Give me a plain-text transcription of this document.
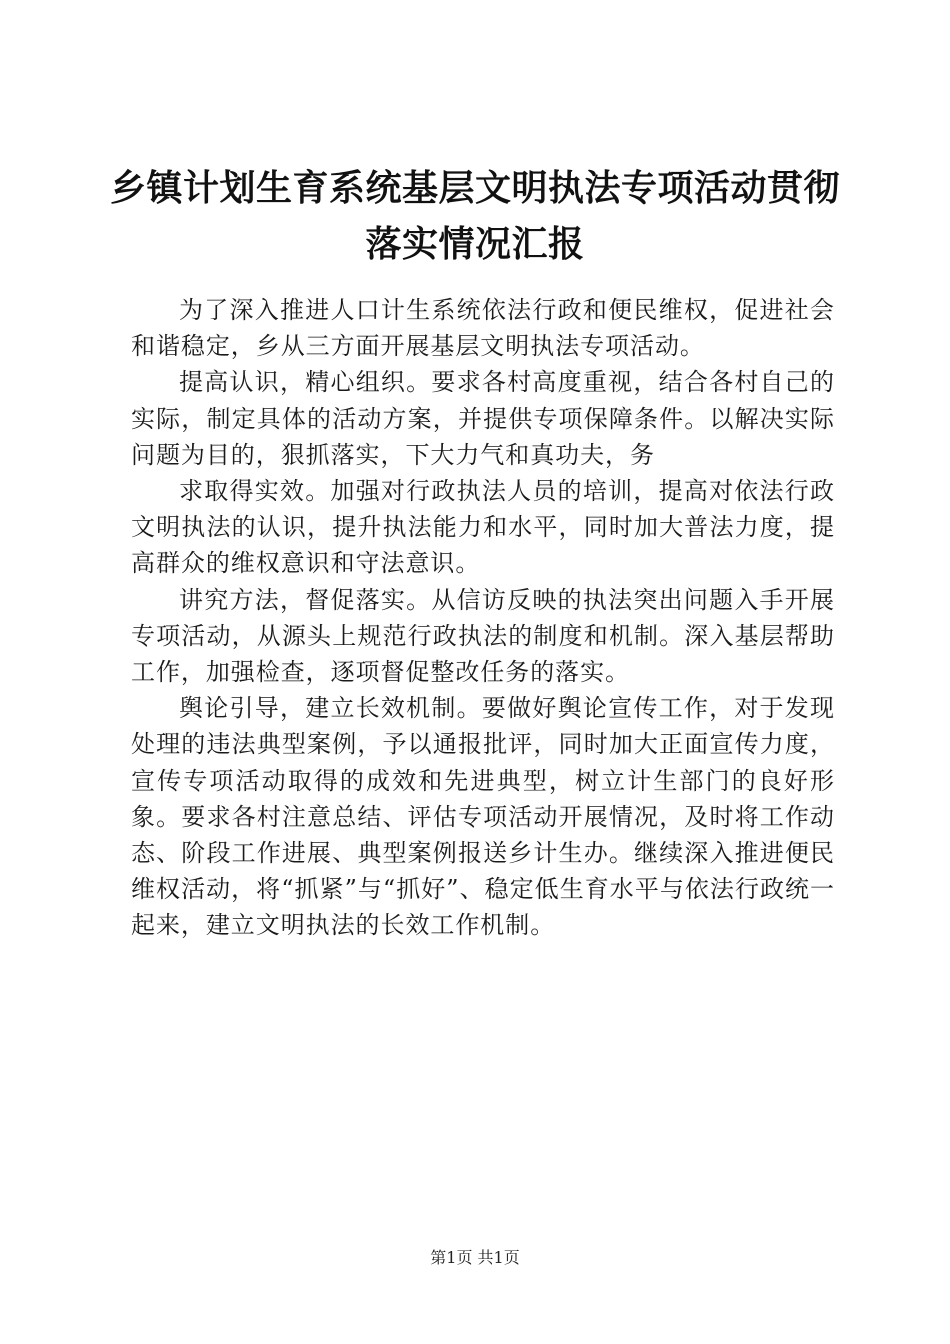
乡镇计划生育系统基层文明执法专项活动贯彻
落实情况汇报

为了深入推进人口计生系统依法行政和便民维权，促进社会和谐稳定，乡从三方面开展基层文明执法专项活动。

提高认识，精心组织。要求各村高度重视，结合各村自己的实际，制定具体的活动方案，并提供专项保障条件。以解决实际问题为目的，狠抓落实，下大力气和真功夫，务

求取得实效。加强对行政执法人员的培训，提高对依法行政文明执法的认识，提升执法能力和水平，同时加大普法力度，提高群众的维权意识和守法意识。

讲究方法，督促落实。从信访反映的执法突出问题入手开展专项活动，从源头上规范行政执法的制度和机制。深入基层帮助工作，加强检查，逐项督促整改任务的落实。

舆论引导，建立长效机制。要做好舆论宣传工作，对于发现处理的违法典型案例，予以通报批评，同时加大正面宣传力度，宣传专项活动取得的成效和先进典型，树立计生部门的良好形象。要求各村注意总结、评估专项活动开展情况，及时将工作动态、阶段工作进展、典型案例报送乡计生办。继续深入推进便民维权活动，将“抓紧”与“抓好”、稳定低生育水平与依法行政统一起来，建立文明执法的长效工作机制。

第1页 共1页
